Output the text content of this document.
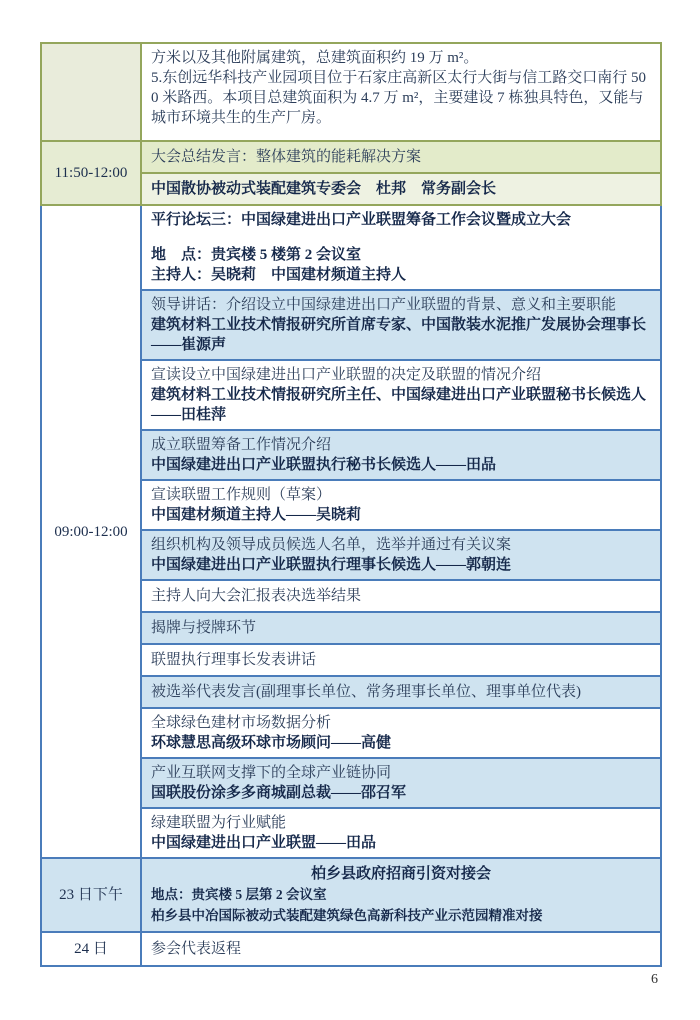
	方米以及其他附属建筑，总建筑面积约 19 万 m²。
5.东创远华科技产业园项目位于石家庄高新区太行大街与信工路交口南行 500 米路西。本项目总建筑面积为 4.7 万 m²，主要建设 7 栋独具特色，又能与城市环境共生的生产厂房。

11:50-12:00	大会总结发言：整体建筑的能耗解决方案
	中国散协被动式装配建筑专委会　杜邦　常务副会长
09:00-12:00	平行论坛三：中国绿建进出口产业联盟筹备工作会议暨成立大会
地　点：贵宾楼 5 楼第 2 会议室
主持人：吴晓莉　中国建材频道主持人

	领导讲话：介绍设立中国绿建进出口产业联盟的背景、意义和主要职能
建筑材料工业技术情报研究所首席专家、中国散装水泥推广发展协会理事长——崔源声

	宣读设立中国绿建进出口产业联盟的决定及联盟的情况介绍
建筑材料工业技术情报研究所主任、中国绿建进出口产业联盟秘书长候选人——田桂萍

	成立联盟筹备工作情况介绍
中国绿建进出口产业联盟执行秘书长候选人——田品

	宣读联盟工作规则（草案）
中国建材频道主持人——吴晓莉

	组织机构及领导成员候选人名单，选举并通过有关议案
中国绿建进出口产业联盟执行理事长候选人——郭朝连

	主持人向大会汇报表决选举结果

	揭牌与授牌环节

	联盟执行理事长发表讲话

	被选举代表发言(副理事长单位、常务理事长单位、理事单位代表)

	全球绿色建材市场数据分析
环球慧思高级环球市场顾问——高健

	产业互联网支撑下的全球产业链协同
国联股份涂多多商城副总裁——邵召军

	绿建联盟为行业赋能
中国绿建进出口产业联盟——田品

23 日下午	柏乡县政府招商引资对接会
地点：贵宾楼 5 层第 2 会议室
柏乡县中冶国际被动式装配建筑绿色高新科技产业示范园精准对接

24 日	参会代表返程
6
